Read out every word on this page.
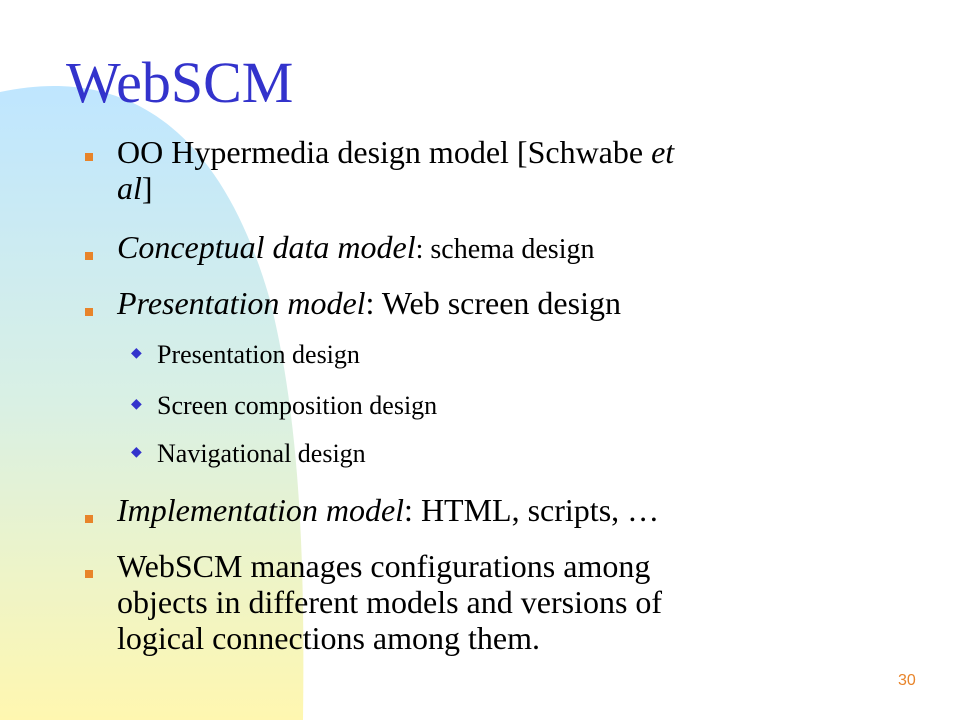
WebSCM
OO Hypermedia design model [Schwabe et
al]
Conceptual data model: schema design
Presentation model: Web screen design
◆ Presentation design
◆ Screen composition design
◆ Navigational design
Implementation model: HTML, scripts, …
WebSCM manages configurations among
objects in different models and versions of
logical connections among them.
30
